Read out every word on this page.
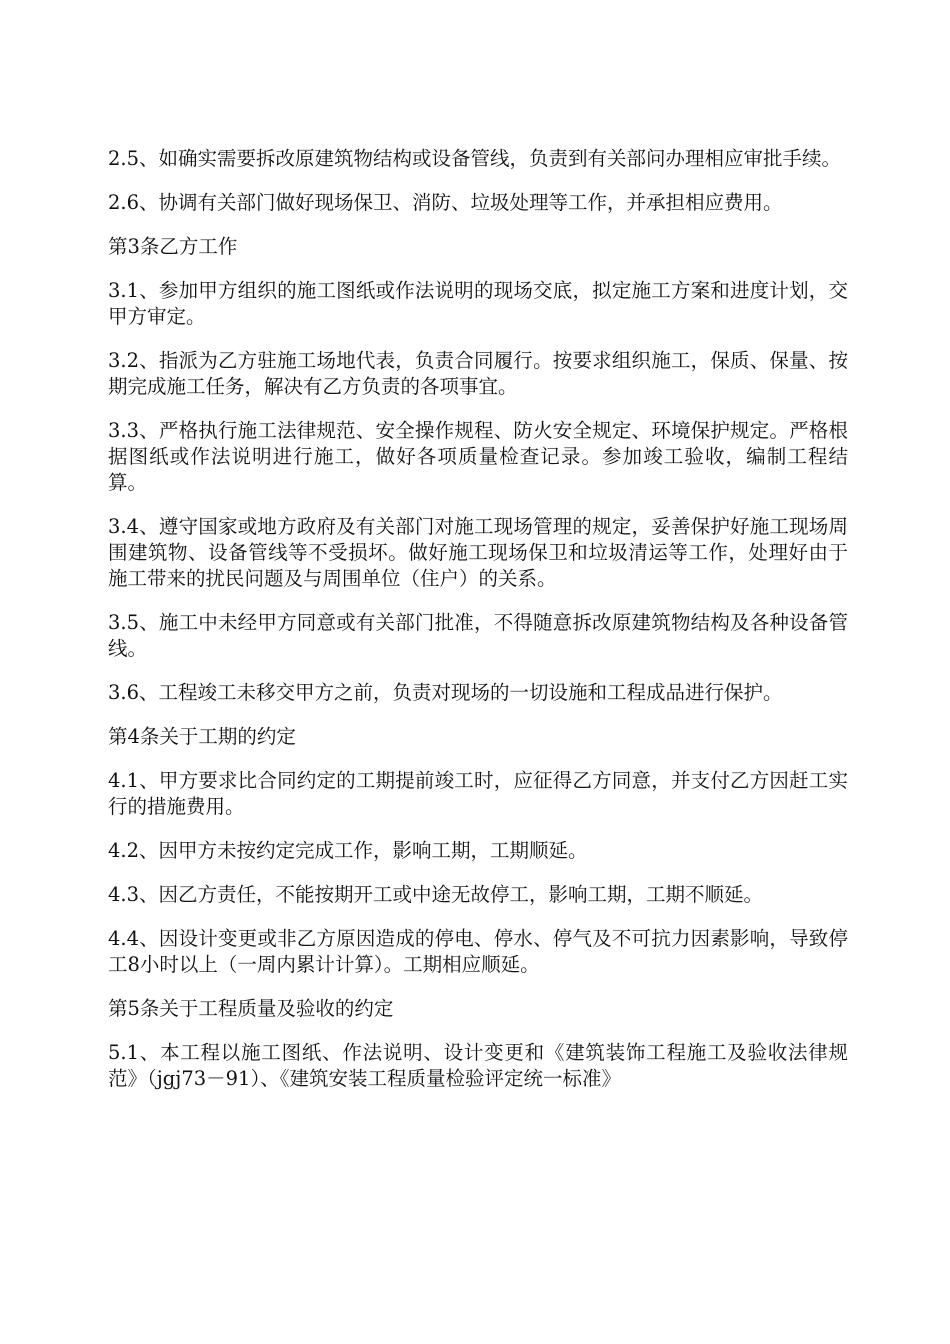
2.5、如确实需要拆改原建筑物结构或设备管线，负责到有关部问办理相应审批手续。

2.6、协调有关部门做好现场保卫、消防、垃圾处理等工作，并承担相应费用。

第3条乙方工作

3.1、参加甲方组织的施工图纸或作法说明的现场交底，拟定施工方案和进度计划，交甲方审定。

3.2、指派为乙方驻施工场地代表，负责合同履行。按要求组织施工，保质、保量、按期完成施工任务，解决有乙方负责的各项事宜。

3.3、严格执行施工法律规范、安全操作规程、防火安全规定、环境保护规定。严格根据图纸或作法说明进行施工，做好各项质量检查记录。参加竣工验收，编制工程结算。

3.4、遵守国家或地方政府及有关部门对施工现场管理的规定，妥善保护好施工现场周围建筑物、设备管线等不受损坏。做好施工现场保卫和垃圾清运等工作，处理好由于施工带来的扰民问题及与周围单位（住户）的关系。

3.5、施工中未经甲方同意或有关部门批准，不得随意拆改原建筑物结构及各种设备管线。

3.6、工程竣工未移交甲方之前，负责对现场的一切设施和工程成品进行保护。

第4条关于工期的约定

4.1、甲方要求比合同约定的工期提前竣工时，应征得乙方同意，并支付乙方因赶工实行的措施费用。

4.2、因甲方未按约定完成工作，影响工期，工期顺延。

4.3、因乙方责任，不能按期开工或中途无故停工，影响工期，工期不顺延。

4.4、因设计变更或非乙方原因造成的停电、停水、停气及不可抗力因素影响，导致停工8小时以上（一周内累计计算）。工期相应顺延。

第5条关于工程质量及验收的约定

5.1、本工程以施工图纸、作法说明、设计变更和《建筑装饰工程施工及验收法律规范》（jgj73－91）、《建筑安装工程质量检验评定统一标准》
